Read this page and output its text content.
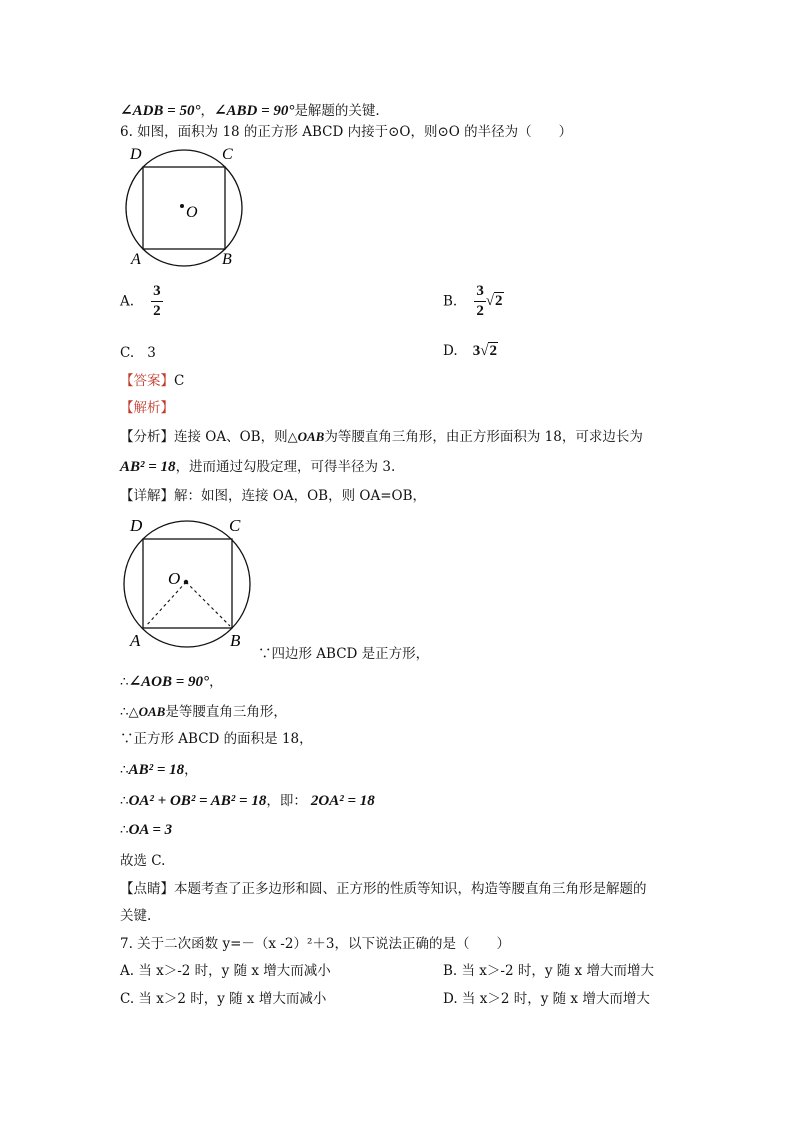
∠ADB = 50°，∠ABD = 90°是解题的关键.
6. 如图，面积为 18 的正方形 ABCD 内接于⊙O，则⊙O 的半径为（　　）
D	C
O
A	B
A. $\frac{3}{2}$	B. $\frac{3}{2} √2$
C. 3	D. 3√2
【答案】C
【解析】
【分析】连接 OA、OB，则△OAB为等腰直角三角形，由正方形面积为 18，可求边长为
AB² = 18，进而通过勾股定理，可得半径为 3.
【详解】解：如图，连接 OA，OB，则 OA=OB，
D	C
O
A	B
∵四边形 ABCD 是正方形，
∴∠AOB = 90°，
∴△OAB是等腰直角三角形，
∵正方形 ABCD 的面积是 18，
∴AB² = 18，
∴OA² + OB² = AB² = 18，即： 2OA² = 18
∴OA = 3
故选 C.
【点睛】本题考查了正多边形和圆、正方形的性质等知识，构造等腰直角三角形是解题的
关键.
7. 关于二次函数 y=－（x -2）²＋3，以下说法正确的是（　　）
A. 当 x＞-2 时，y 随 x 增大而减小	B. 当 x＞-2 时，y 随 x 增大而增大
C. 当 x＞2 时，y 随 x 增大而减小	D. 当 x＞2 时，y 随 x 增大而增大
